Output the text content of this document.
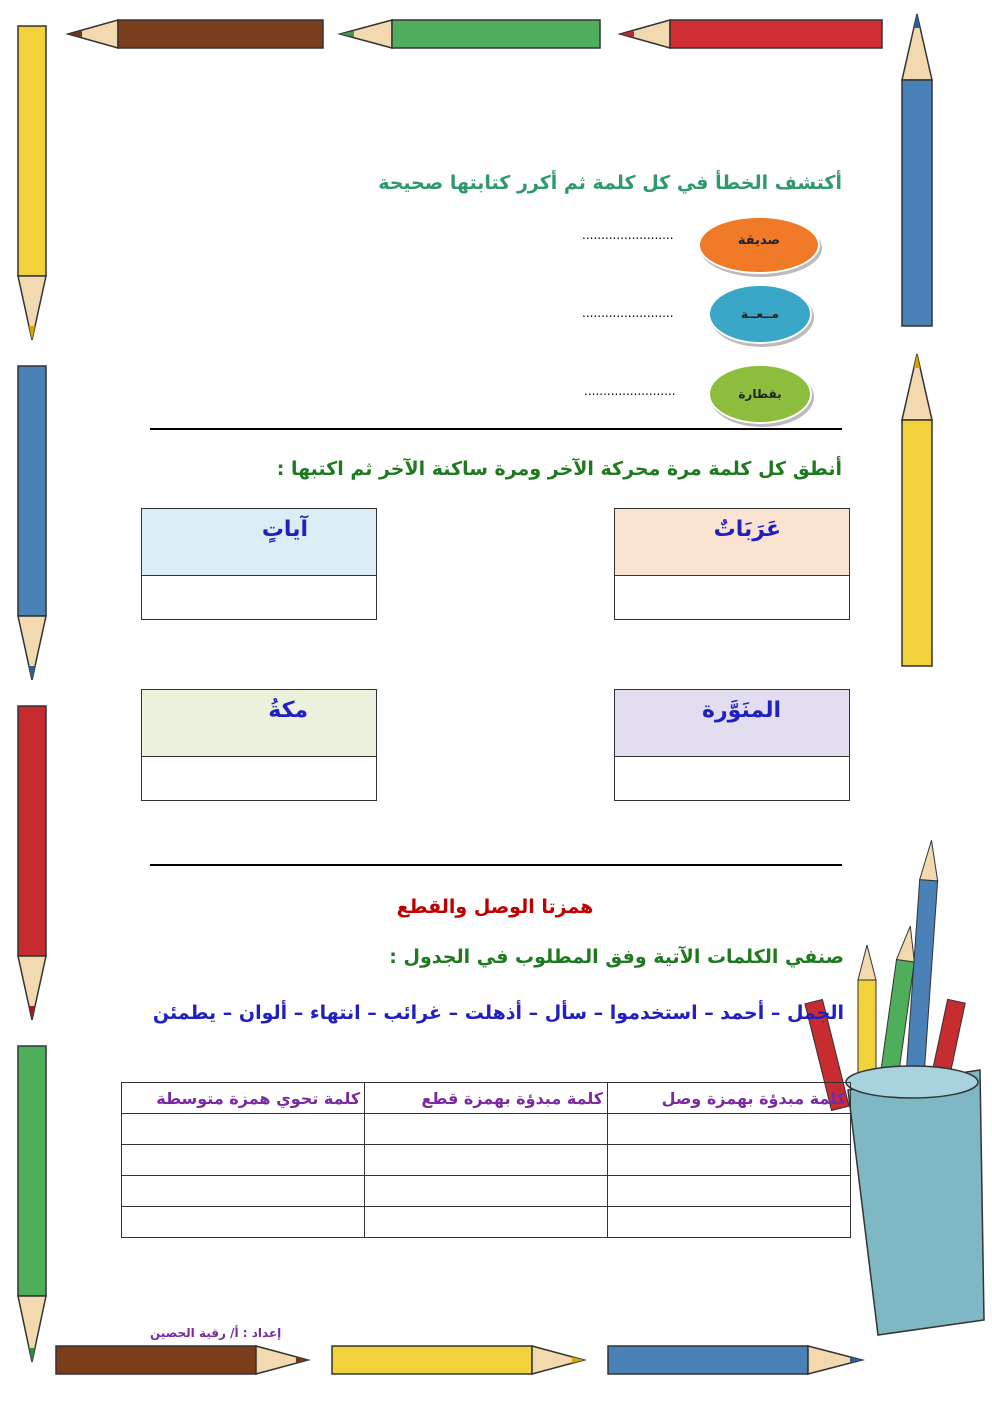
أكتشف الخطأ في كل كلمة ثم أكرر كتابتها صحيحة
صديقة
........................
مــعــة
........................
بقطارة
........................
أنطق كل كلمة مرة محركة الآخر ومرة ساكنة الآخر ثم اكتبها :
عَرَبَاتٌ
آياتٍ
المنَوَّرة
مكةُ
همزتا الوصل والقطع
صنفي الكلمات الآتية وفق المطلوب في الجدول :
الجمل – أحمد – استخدموا – سأل – أذهلت – غرائب – انتهاء – ألوان – يطمئن
كلمة مبدؤة بهمزة وصل	كلمة مبدؤة بهمزة قطع	كلمة تحوي همزة متوسطة

إعداد : أ/ رقية الحصين
